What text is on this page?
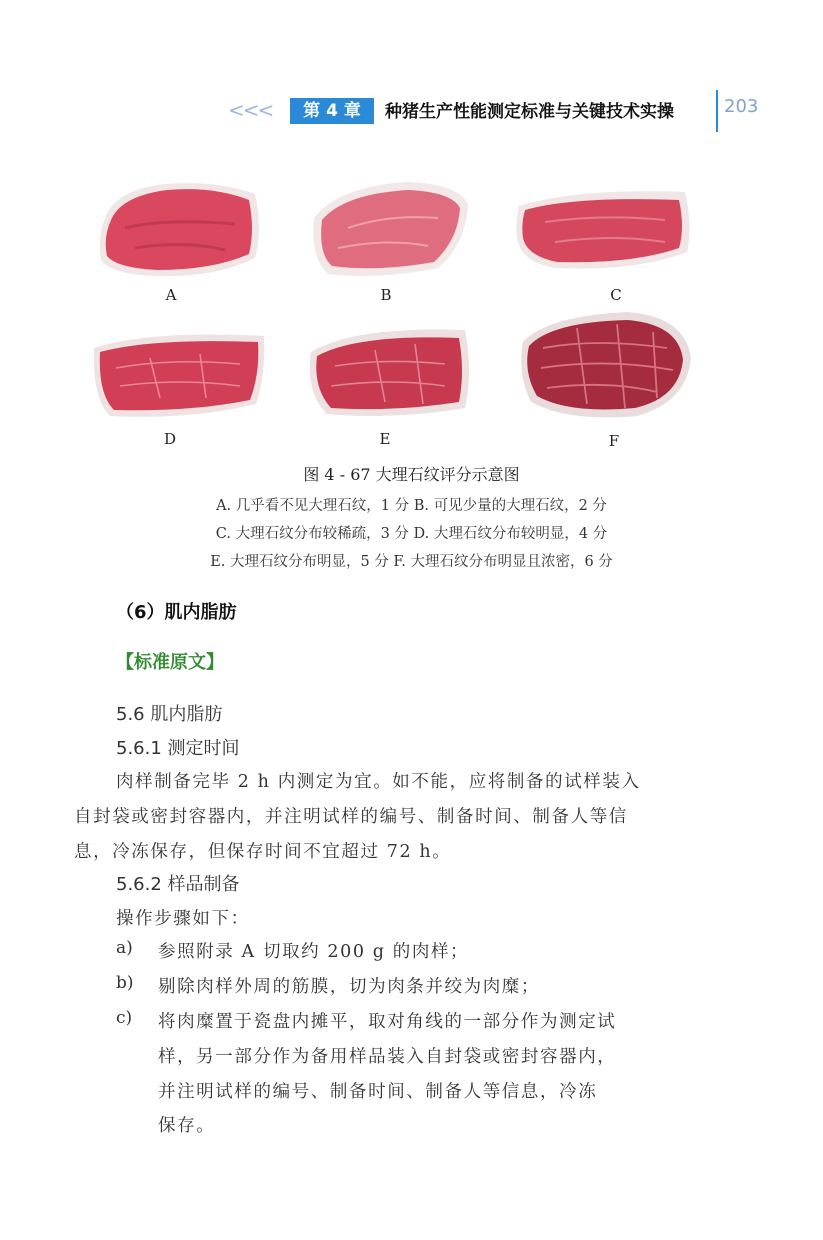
<<<	第 4 章	种猪生产性能测定标准与关键技术实操	203
A	B	C
D	E	F
图 4 - 67 大理石纹评分示意图
A. 几乎看不见大理石纹，1 分 B. 可见少量的大理石纹，2 分
C. 大理石纹分布较稀疏，3 分 D. 大理石纹分布较明显，4 分
E. 大理石纹分布明显，5 分 F. 大理石纹分布明显且浓密，6 分
（6）肌内脂肪
【标准原文】
5.6 肌内脂肪
5.6.1 测定时间
肉样制备完毕 2 h 内测定为宜。如不能，应将制备的试样装入
自封袋或密封容器内，并注明试样的编号、制备时间、制备人等信
息，冷冻保存，但保存时间不宜超过 72 h。
5.6.2 样品制备
操作步骤如下：
a) 参照附录 A 切取约 200 g 的肉样；
b) 剔除肉样外周的筋膜，切为肉条并绞为肉糜；
c) 将肉糜置于瓷盘内摊平，取对角线的一部分作为测定试
样，另一部分作为备用样品装入自封袋或密封容器内，
并注明试样的编号、制备时间、制备人等信息，冷冻
保存。
